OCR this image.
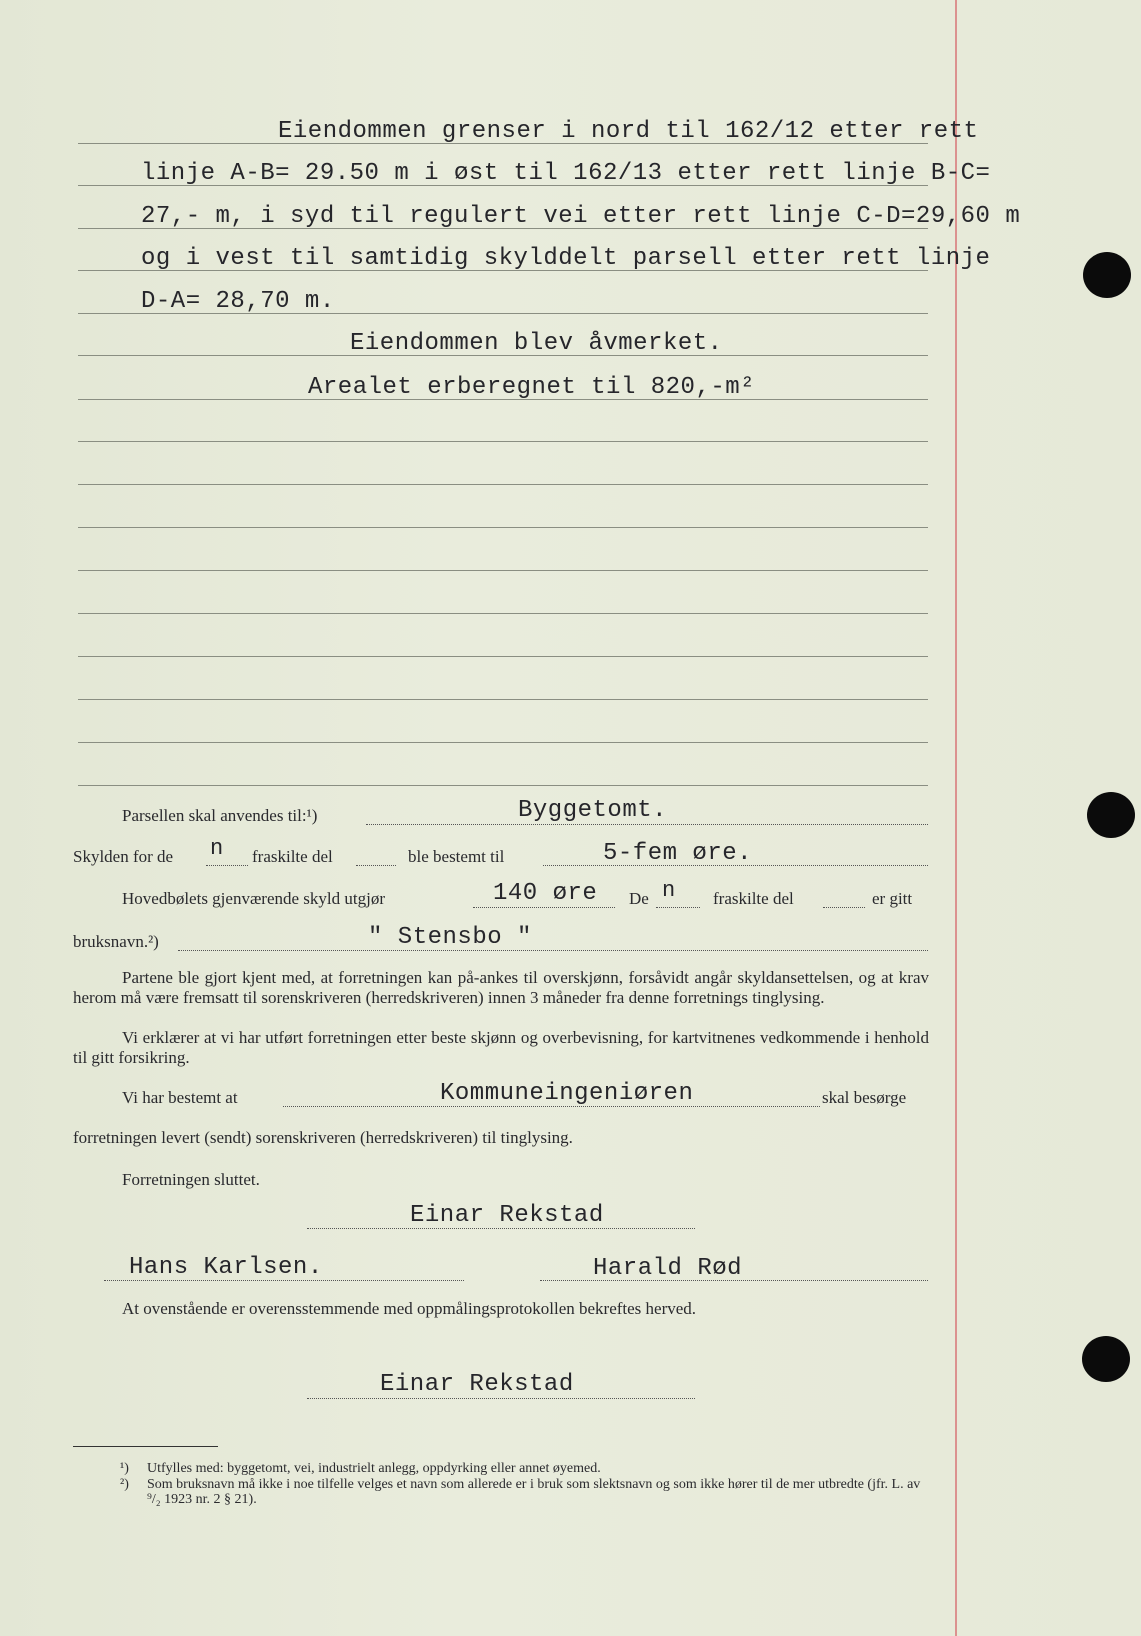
Eiendommen grenser i nord til 162/12 etter rett
linje A-B= 29.50 m i øst til 162/13 etter rett linje B-C=
27,- m, i syd til regulert vei etter rett linje C-D=29,60 m
og i vest til samtidig skylddelt parsell etter rett linje
D-A= 28,70 m.
Eiendommen blev åvmerket.
Arealet erberegnet til 820,-m²
Parsellen skal anvendes til:¹)	Byggetomt.
Skylden for de n fraskilte del	ble bestemt til	5-fem øre.
Hovedbølets gjenværende skyld utgjør	140 øre De n fraskilte del	er gitt
bruksnavn.²)	" Stensbo "
Partene ble gjort kjent med, at forretningen kan på-ankes til overskjønn, forsåvidt angår skyldansettelsen, og at krav herom må være fremsatt til sorenskriveren (herredskriveren) innen 3 måneder fra denne forretnings tinglysing.
Vi erklærer at vi har utført forretningen etter beste skjønn og overbevisning, for kartvitnenes vedkommende i henhold til gitt forsikring.
Vi har bestemt at	Kommuneingeniøren	skal besørge
forretningen levert (sendt) sorenskriveren (herredskriveren) til tinglysing.
Forretningen sluttet.
Einar Rekstad
Hans Karlsen.	Harald Rød
At ovenstående er overensstemmende med oppmålingsprotokollen bekreftes herved.
Einar Rekstad
¹) Utfylles med: byggetomt, vei, industrielt anlegg, oppdyrking eller annet øyemed.
²) Som bruksnavn må ikke i noe tilfelle velges et navn som allerede er i bruk som slektsnavn og som ikke hører til de mer utbredte (jfr. L. av ⁹/₂ 1923 nr. 2 § 21).
